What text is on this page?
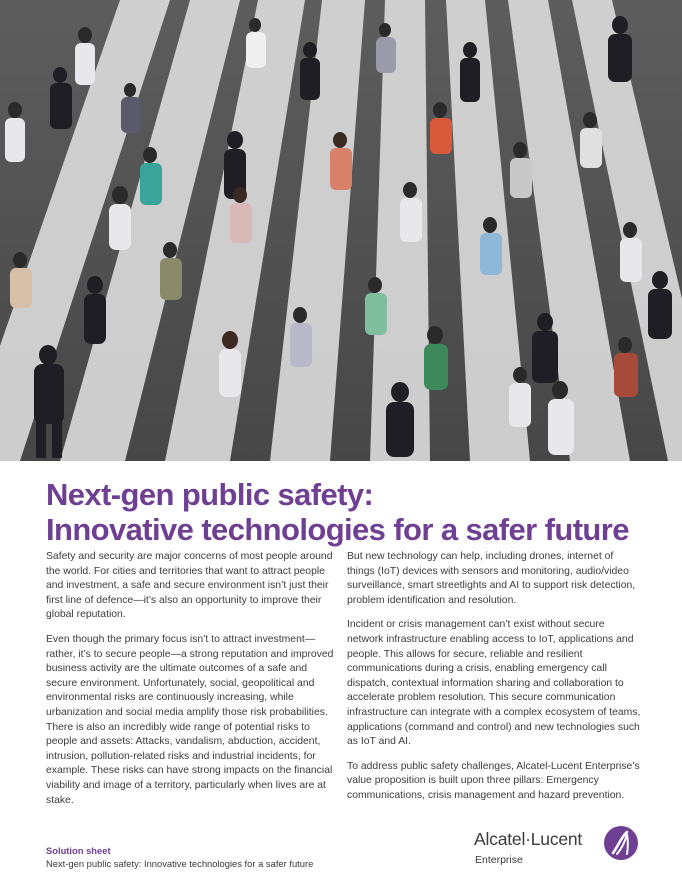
Next-gen public safety:
Innovative technologies for a safer future

Safety and security are major concerns of most people around the world. For cities and territories that want to attract people and investment, a safe and secure environment isn’t just their first line of defence—it’s also an opportunity to improve their global reputation.

Even though the primary focus isn’t to attract investment—rather, it’s to secure people—a strong reputation and improved business activity are the ultimate outcomes of a safe and secure environment. Unfortunately, social, geopolitical and environmental risks are continuously increasing, while urbanization and social media amplify those risk probabilities. There is also an incredibly wide range of potential risks to people and assets: Attacks, vandalism, abduction, accident, intrusion, pollution-related risks and industrial incidents, for example. These risks can have strong impacts on the financial viability and image of a territory, particularly when lives are at stake.

But new technology can help, including drones, internet of things (IoT) devices with sensors and monitoring, audio/video surveillance, smart streetlights and AI to support risk detection, problem identification and resolution.

Incident or crisis management can’t exist without secure network infrastructure enabling access to IoT, applications and people. This allows for secure, reliable and resilient communications during a crisis, enabling emergency call dispatch, contextual information sharing and collaboration to accelerate problem resolution. This secure communication infrastructure can integrate with a complex ecosystem of teams, applications (command and control) and new technologies such as IoT and AI.

To address public safety challenges, Alcatel-Lucent Enterprise’s value proposition is built upon three pillars: Emergency communications, crisis management and hazard prevention.

Solution sheet
Next-gen public safety: Innovative technologies for a safer future
Alcatel·Lucent
Enterprise
